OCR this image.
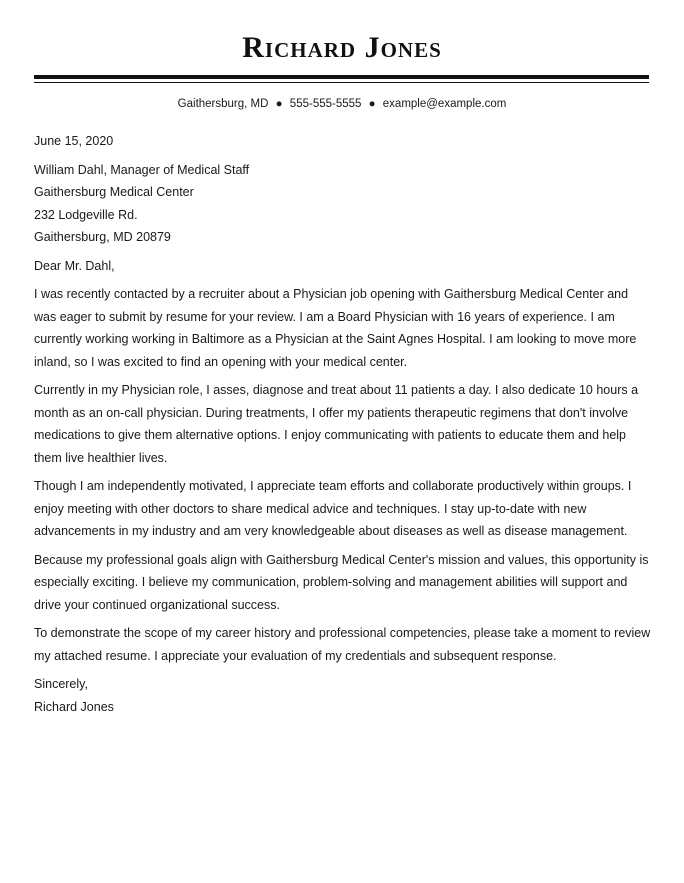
Richard Jones
Gaithersburg, MD ● 555-555-5555 ● example@example.com

June 15, 2020

William Dahl, Manager of Medical Staff
Gaithersburg Medical Center
232 Lodgeville Rd.
Gaithersburg, MD 20879

Dear Mr. Dahl,

I was recently contacted by a recruiter about a Physician job opening with Gaithersburg Medical Center and was eager to submit by resume for your review. I am a Board Physician with 16 years of experience. I am currently working working in Baltimore as a Physician at the Saint Agnes Hospital. I am looking to move more inland, so I was excited to find an opening with your medical center.

Currently in my Physician role, I asses, diagnose and treat about 11 patients a day. I also dedicate 10 hours a month as an on-call physician. During treatments, I offer my patients therapeutic regimens that don't involve medications to give them alternative options. I enjoy communicating with patients to educate them and help them live healthier lives.

Though I am independently motivated, I appreciate team efforts and collaborate productively within groups. I enjoy meeting with other doctors to share medical advice and techniques. I stay up-to-date with new advancements in my industry and am very knowledgeable about diseases as well as disease management.

Because my professional goals align with Gaithersburg Medical Center's mission and values, this opportunity is especially exciting. I believe my communication, problem-solving and management abilities will support and drive your continued organizational success.

To demonstrate the scope of my career history and professional competencies, please take a moment to review my attached resume. I appreciate your evaluation of my credentials and subsequent response.

Sincerely,
Richard Jones
